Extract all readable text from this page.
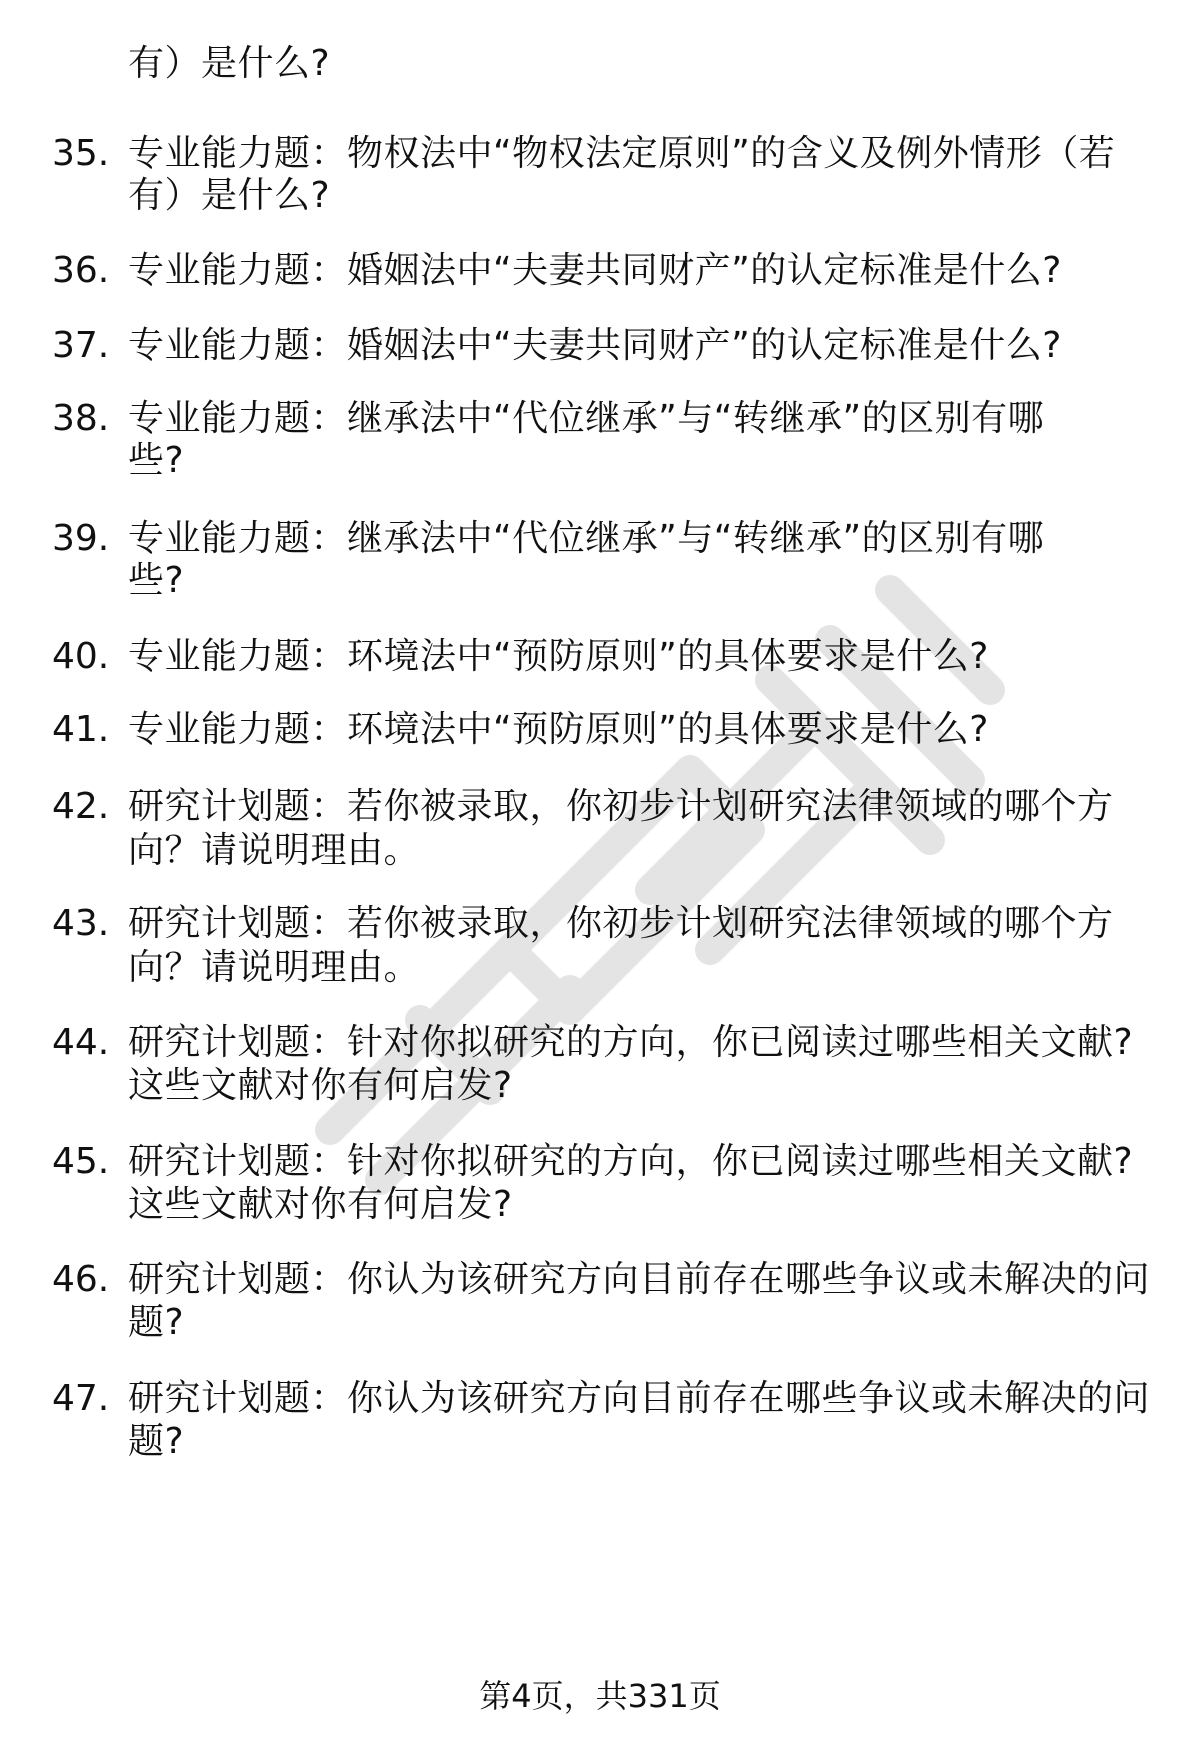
有）是什么?
35. 专业能力题：物权法中“物权法定原则”的含义及例外情形（若
有）是什么?
36. 专业能力题：婚姻法中“夫妻共同财产”的认定标准是什么?
37. 专业能力题：婚姻法中“夫妻共同财产”的认定标准是什么?
38. 专业能力题：继承法中“代位继承”与“转继承”的区别有哪
些?
39. 专业能力题：继承法中“代位继承”与“转继承”的区别有哪
些?
40. 专业能力题：环境法中“预防原则”的具体要求是什么?
41. 专业能力题：环境法中“预防原则”的具体要求是什么?
42. 研究计划题：若你被录取，你初步计划研究法律领域的哪个方
向？请说明理由。
43. 研究计划题：若你被录取，你初步计划研究法律领域的哪个方
向？请说明理由。
44. 研究计划题：针对你拟研究的方向，你已阅读过哪些相关文献?
这些文献对你有何启发?
45. 研究计划题：针对你拟研究的方向，你已阅读过哪些相关文献?
这些文献对你有何启发?
46. 研究计划题：你认为该研究方向目前存在哪些争议或未解决的问
题?
47. 研究计划题：你认为该研究方向目前存在哪些争议或未解决的问
题?
第4页，共331页
